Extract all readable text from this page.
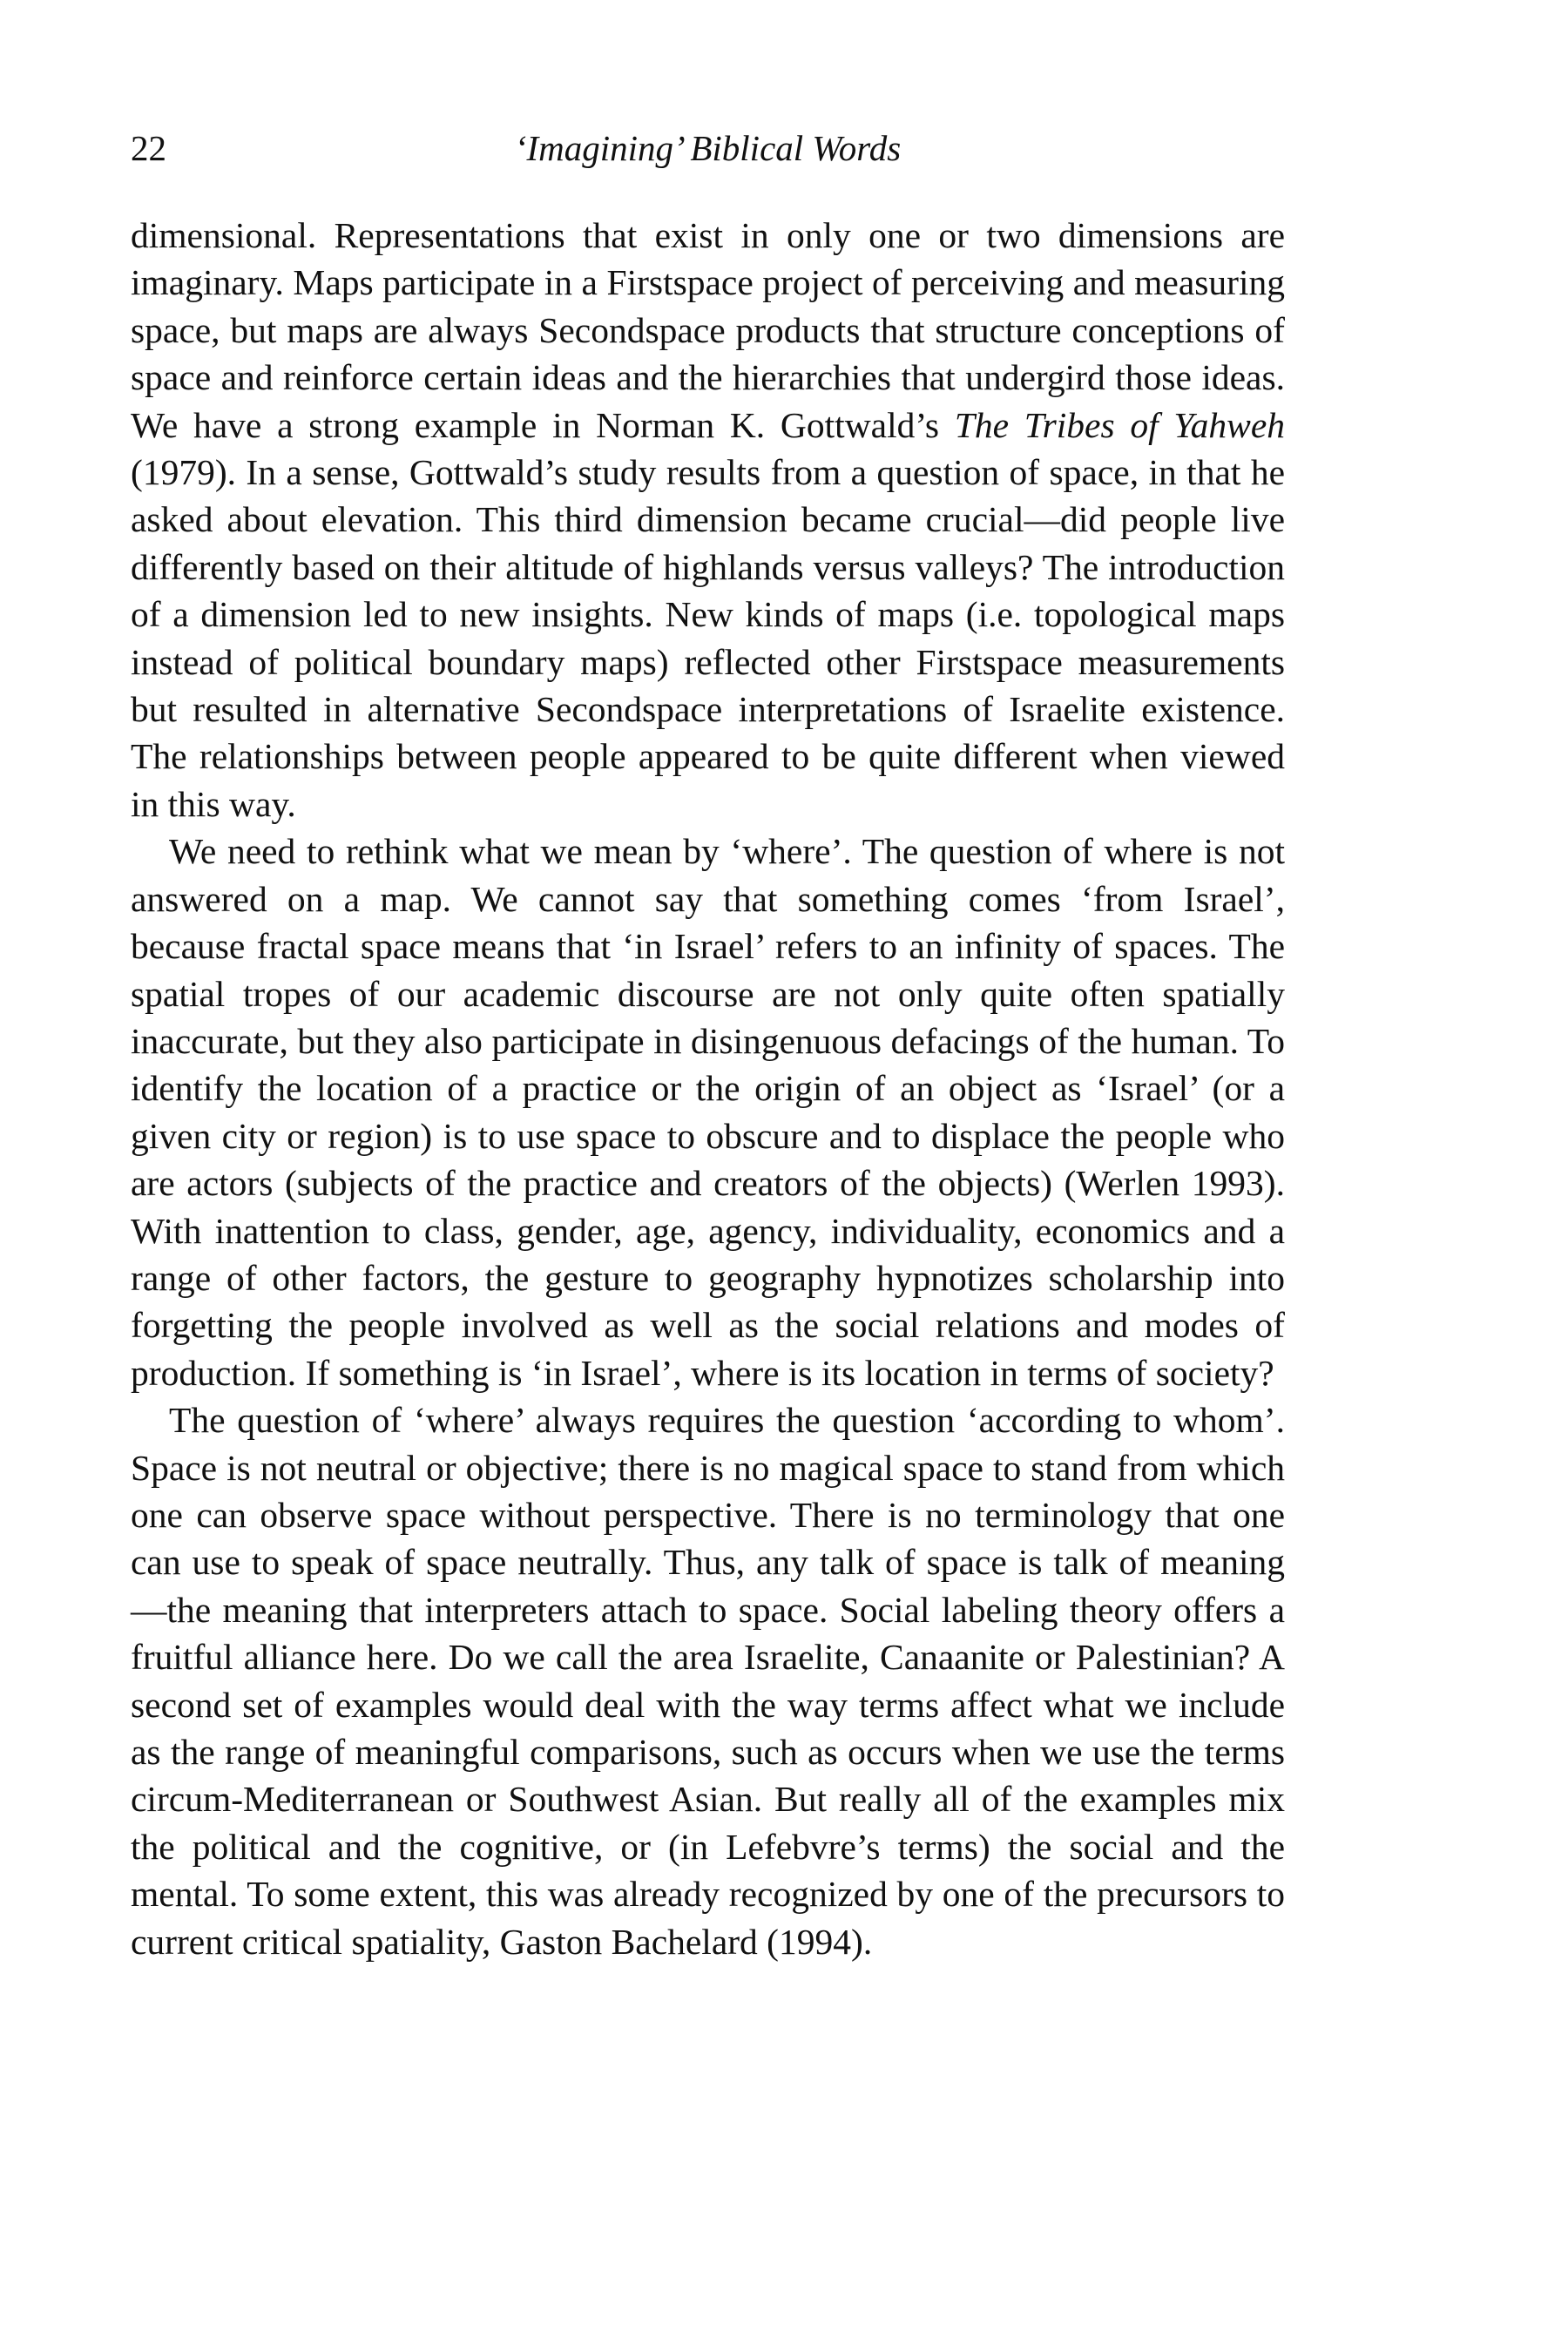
22	‘Imagining’ Biblical Words

dimensional. Representations that exist in only one or two dimensions are imaginary. Maps participate in a Firstspace project of perceiving and measuring space, but maps are always Secondspace products that structure conceptions of space and reinforce certain ideas and the hierarchies that undergird those ideas. We have a strong example in Norman K. Gottwald’s The Tribes of Yahweh (1979). In a sense, Gottwald’s study results from a question of space, in that he asked about elevation. This third dimension became crucial—did people live differently based on their altitude of highlands versus valleys? The introduction of a dimension led to new insights. New kinds of maps (i.e. topological maps instead of political boundary maps) reflected other Firstspace measurements but resulted in alternative Secondspace interpretations of Israelite existence. The relationships between people appeared to be quite different when viewed in this way.

We need to rethink what we mean by ‘where’. The question of where is not answered on a map. We cannot say that something comes ‘from Israel’, because fractal space means that ‘in Israel’ refers to an infinity of spaces. The spatial tropes of our academic discourse are not only quite often spatially inaccurate, but they also participate in disingenuous defacings of the human. To identify the location of a practice or the origin of an object as ‘Israel’ (or a given city or region) is to use space to obscure and to displace the people who are actors (subjects of the practice and creators of the objects) (Werlen 1993). With inattention to class, gender, age, agency, individuality, economics and a range of other factors, the gesture to geography hypnotizes scholarship into forgetting the people involved as well as the social relations and modes of production. If something is ‘in Israel’, where is its location in terms of society?

The question of ‘where’ always requires the question ‘according to whom’. Space is not neutral or objective; there is no magical space to stand from which one can observe space without perspective. There is no terminology that one can use to speak of space neutrally. Thus, any talk of space is talk of meaning—the meaning that interpreters attach to space. Social labeling theory offers a fruitful alliance here. Do we call the area Israelite, Canaanite or Palestinian? A second set of examples would deal with the way terms affect what we include as the range of meaningful comparisons, such as occurs when we use the terms circum-Mediterranean or Southwest Asian. But really all of the examples mix the political and the cognitive, or (in Lefebvre’s terms) the social and the mental. To some extent, this was already recognized by one of the precursors to current critical spatiality, Gaston Bachelard (1994).
